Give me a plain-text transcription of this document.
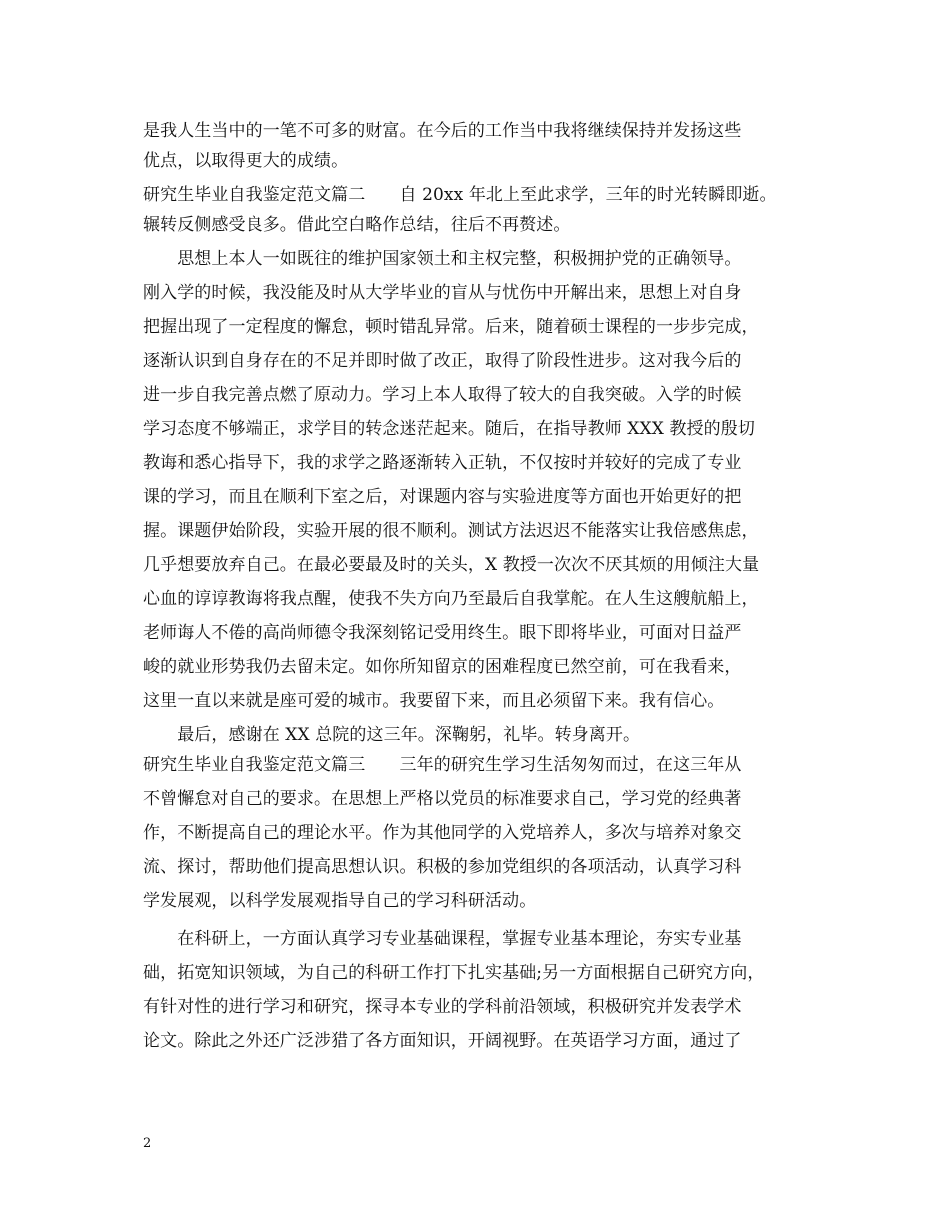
是我人生当中的一笔不可多的财富。在今后的工作当中我将继续保持并发扬这些
优点，以取得更大的成绩。
研究生毕业自我鉴定范文篇二　　自 20xx 年北上至此求学，三年的时光转瞬即逝。
辗转反侧感受良多。借此空白略作总结，往后不再赘述。
　　思想上本人一如既往的维护国家领土和主权完整，积极拥护党的正确领导。
刚入学的时候，我没能及时从大学毕业的盲从与忧伤中开解出来，思想上对自身
把握出现了一定程度的懈怠，顿时错乱异常。后来，随着硕士课程的一步步完成，
逐渐认识到自身存在的不足并即时做了改正，取得了阶段性进步。这对我今后的
进一步自我完善点燃了原动力。学习上本人取得了较大的自我突破。入学的时候
学习态度不够端正，求学目的转念迷茫起来。随后，在指导教师 XXX 教授的殷切
教诲和悉心指导下，我的求学之路逐渐转入正轨，不仅按时并较好的完成了专业
课的学习，而且在顺利下室之后，对课题内容与实验进度等方面也开始更好的把
握。课题伊始阶段，实验开展的很不顺利。测试方法迟迟不能落实让我倍感焦虑，
几乎想要放弃自己。在最必要最及时的关头，X 教授一次次不厌其烦的用倾注大量
心血的谆谆教诲将我点醒，使我不失方向乃至最后自我掌舵。在人生这艘航船上，
老师诲人不倦的高尚师德令我深刻铭记受用终生。眼下即将毕业，可面对日益严
峻的就业形势我仍去留未定。如你所知留京的困难程度已然空前，可在我看来，
这里一直以来就是座可爱的城市。我要留下来，而且必须留下来。我有信心。
　　最后，感谢在 XX 总院的这三年。深鞠躬，礼毕。转身离开。
研究生毕业自我鉴定范文篇三　　三年的研究生学习生活匆匆而过，在这三年从
不曾懈怠对自己的要求。在思想上严格以党员的标准要求自己，学习党的经典著
作，不断提高自己的理论水平。作为其他同学的入党培养人，多次与培养对象交
流、探讨，帮助他们提高思想认识。积极的参加党组织的各项活动，认真学习科
学发展观，以科学发展观指导自己的学习科研活动。
　　在科研上，一方面认真学习专业基础课程，掌握专业基本理论，夯实专业基
础，拓宽知识领域，为自己的科研工作打下扎实基础;另一方面根据自己研究方向，
有针对性的进行学习和研究，探寻本专业的学科前沿领域，积极研究并发表学术
论文。除此之外还广泛涉猎了各方面知识，开阔视野。在英语学习方面，通过了
2
